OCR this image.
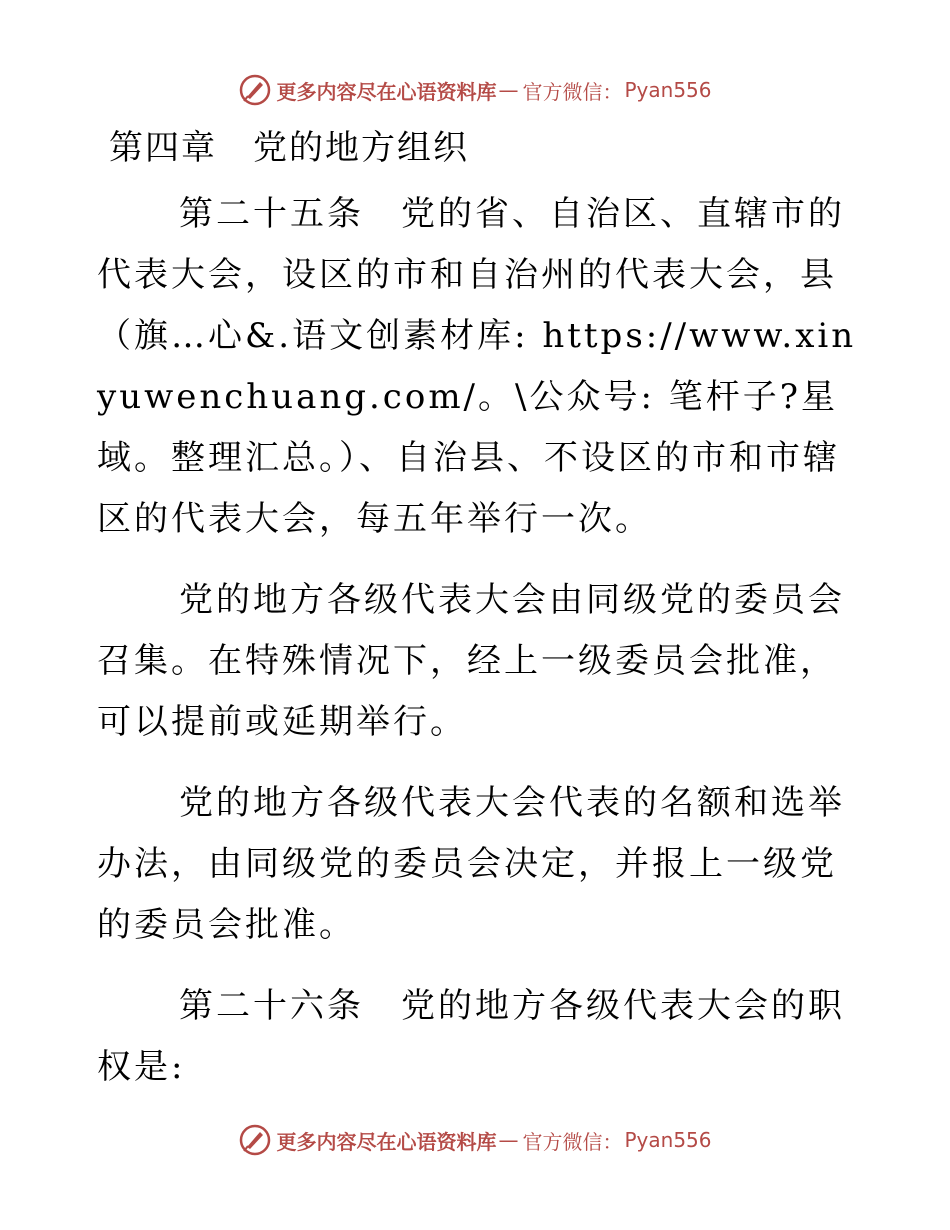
更多内容尽在心语资料库 — 官方微信： Pyan556
第四章　党的地方组织

第二十五条　党的省、自治区、直辖市的代表大会，设区的市和自治州的代表大会，县（旗…心&.语文创素材库: https://www.xinyuwenchuang.com/。\公众号: 笔杆子?星域。整理汇总。）、自治县、不设区的市和市辖区的代表大会，每五年举行一次。

党的地方各级代表大会由同级党的委员会召集。在特殊情况下，经上一级委员会批准，可以提前或延期举行。

党的地方各级代表大会代表的名额和选举办法，由同级党的委员会决定，并报上一级党的委员会批准。

第二十六条　党的地方各级代表大会的职权是:

更多内容尽在心语资料库 — 官方微信： Pyan556
